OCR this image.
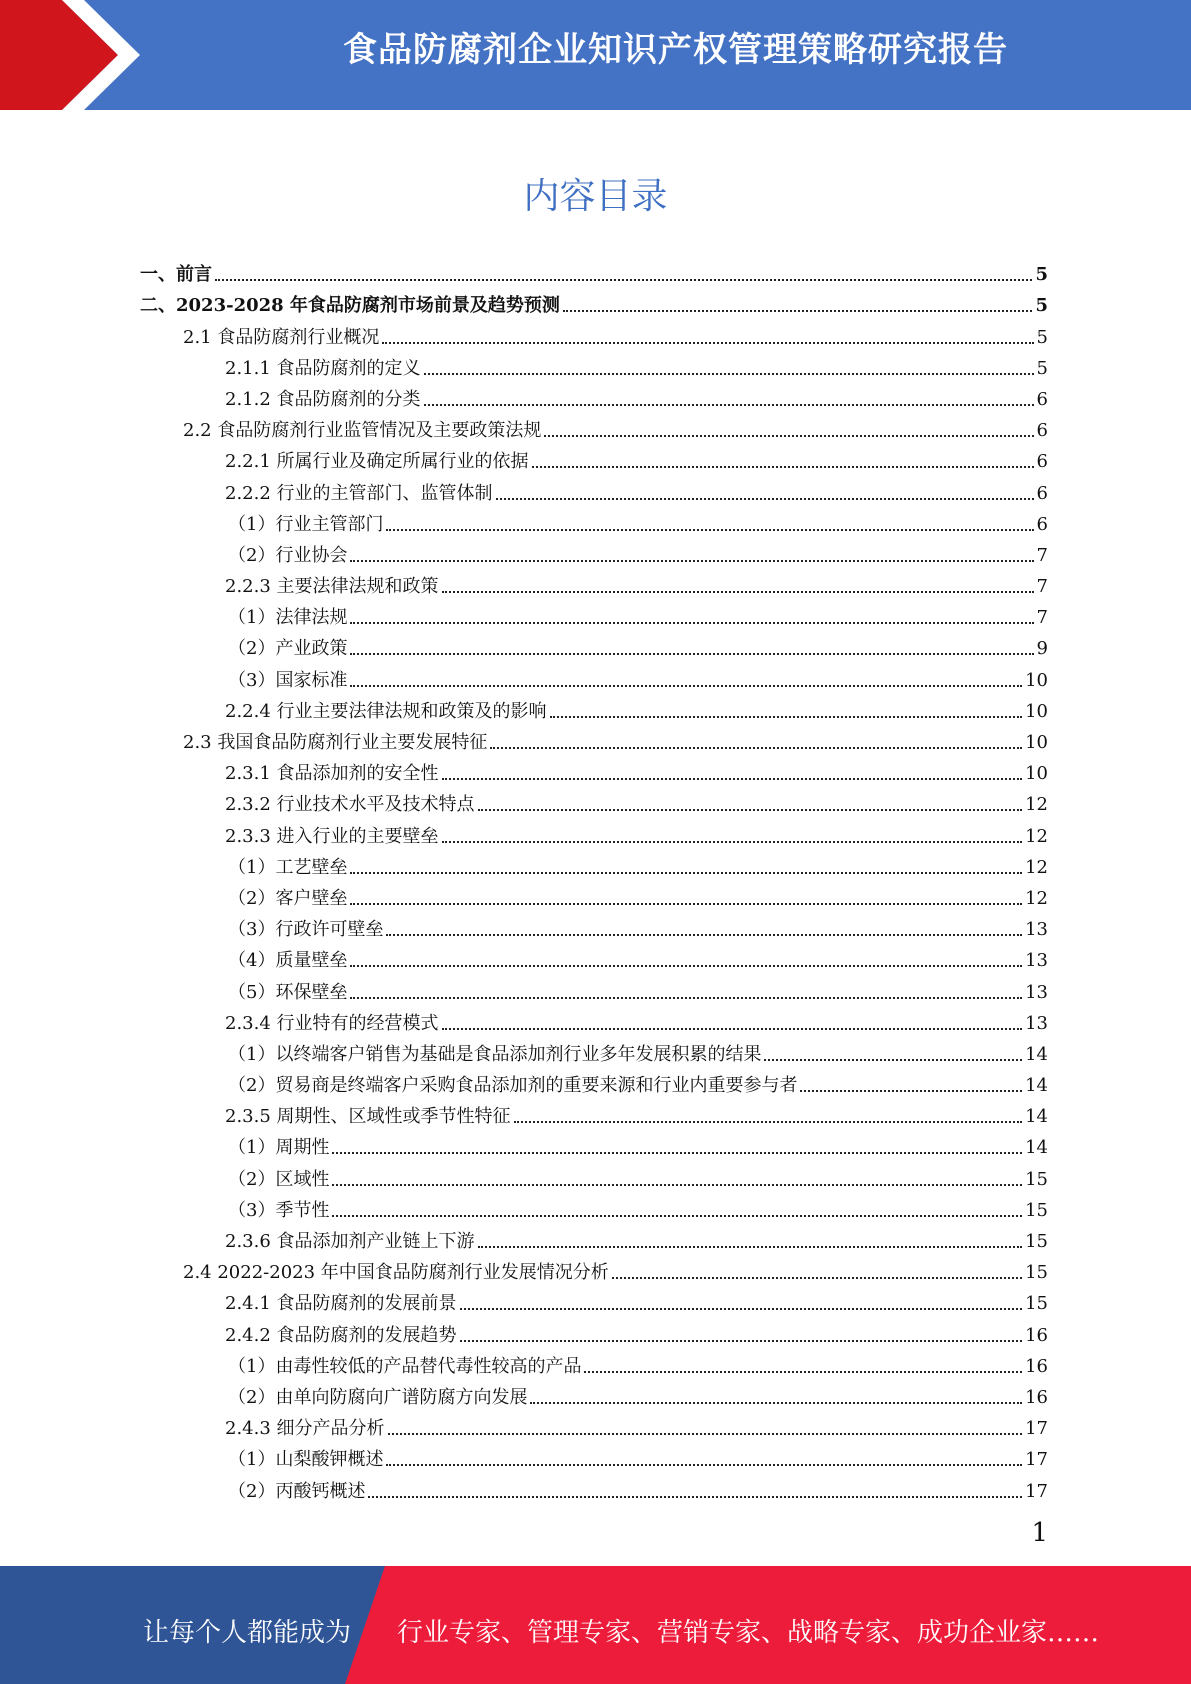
食品防腐剂企业知识产权管理策略研究报告
内容目录
一、前言	5
二、2023-2028 年食品防腐剂市场前景及趋势预测	5
2.1 食品防腐剂行业概况	5
2.1.1 食品防腐剂的定义	5
2.1.2 食品防腐剂的分类	6
2.2 食品防腐剂行业监管情况及主要政策法规	6
2.2.1 所属行业及确定所属行业的依据	6
2.2.2 行业的主管部门、监管体制	6
（1）行业主管部门	6
（2）行业协会	7
2.2.3 主要法律法规和政策	7
（1）法律法规	7
（2）产业政策	9
（3）国家标准	10
2.2.4 行业主要法律法规和政策及的影响	10
2.3 我国食品防腐剂行业主要发展特征	10
2.3.1 食品添加剂的安全性	10
2.3.2 行业技术水平及技术特点	12
2.3.3 进入行业的主要壁垒	12
（1）工艺壁垒	12
（2）客户壁垒	12
（3）行政许可壁垒	13
（4）质量壁垒	13
（5）环保壁垒	13
2.3.4 行业特有的经营模式	13
（1）以终端客户销售为基础是食品添加剂行业多年发展积累的结果	14
（2）贸易商是终端客户采购食品添加剂的重要来源和行业内重要参与者	14
2.3.5 周期性、区域性或季节性特征	14
（1）周期性	14
（2）区域性	15
（3）季节性	15
2.3.6 食品添加剂产业链上下游	15
2.4 2022-2023 年中国食品防腐剂行业发展情况分析	15
2.4.1 食品防腐剂的发展前景	15
2.4.2 食品防腐剂的发展趋势	16
（1）由毒性较低的产品替代毒性较高的产品	16
（2）由单向防腐向广谱防腐方向发展	16
2.4.3 细分产品分析	17
（1）山梨酸钾概述	17
（2）丙酸钙概述	17
1
让每个人都能成为 行业专家、管理专家、营销专家、战略专家、成功企业家……
